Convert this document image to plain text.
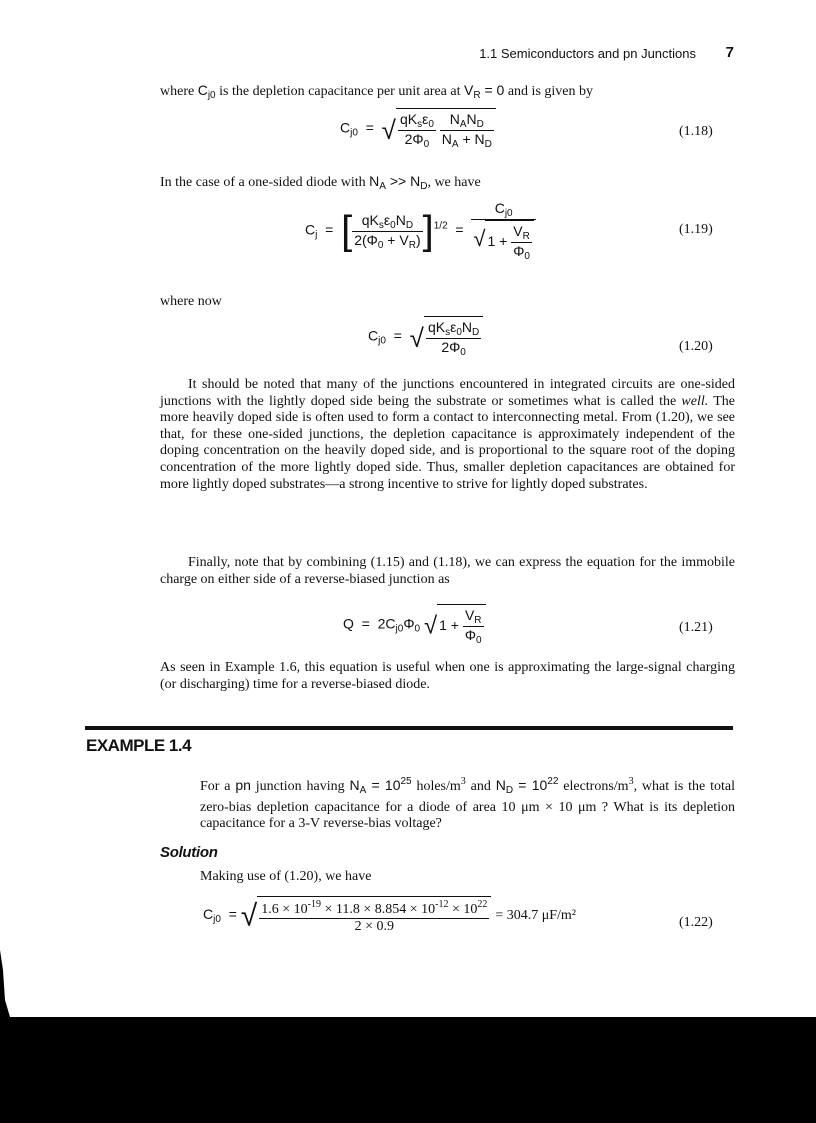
1.1 Semiconductors and pn Junctions 7
where $C_{j0}$ is the depletion capacitance per unit area at $V_R = 0$ and is given by
$C_{j0}$  =  √ $\frac{qK_s\varepsilon_0}{2\Phi_0}$
$\frac{N_AN_D}{N_A + N_D}$	(1.18)
In the case of a one-sided diode with $N_A >> N_D$, we have
$C_j$  =  [ $\frac{qK_s\varepsilon_0N_D}{2(\Phi_0 + V_R)} ]^{1/2} = \frac{C_{j0}}{√ 1 + \frac{V_R}{\Phi_0}}$	(1.19)
where now
$C_{j0}$  =  √ $\frac{qK_s\varepsilon_0N_D}{2\Phi_0}$	(1.20)
It should be noted that many of the junctions encountered in integrated circuits are one-sided junctions with the lightly doped side being the substrate or sometimes what is called the well. The more heavily doped side is often used to form a contact to interconnecting metal. From (1.20), we see that, for these one-sided junctions, the depletion capacitance is approximately independent of the doping concentration on the heavily doped side, and is proportional to the square root of the doping concentration of the more lightly doped side. Thus, smaller depletion capacitances are obtained for more lightly doped substrates—a strong incentive to strive for lightly doped substrates.
Finally, note that by combining (1.15) and (1.18), we can express the equation for the immobile charge on either side of a reverse-biased junction as
$Q = 2C_{j0}\Phi_0$ √ $1 + \frac{V_R}{\Phi_0}$	(1.21)
As seen in Example 1.6, this equation is useful when one is approximating the large-signal charging (or discharging) time for a reverse-biased diode.
EXAMPLE 1.4
For a pn junction having $N_A = 10^{25}$ holes/$m^3$ and $N_D = 10^{22}$ electrons/$m^3$, what is the total zero-bias depletion capacitance for a diode of area 10 μm × 10 μm ? What is its depletion capacitance for a 3-V reverse-bias voltage?
Solution
Making use of (1.20), we have
$C_{j0}$  = √ $\frac{1.6 \times 10^{-19} \times 11.8 \times 8.854 \times 10^{-12} \times 10^{22}}{2 \times 0.9} = 304.7$ μF/m²	(1.22)
